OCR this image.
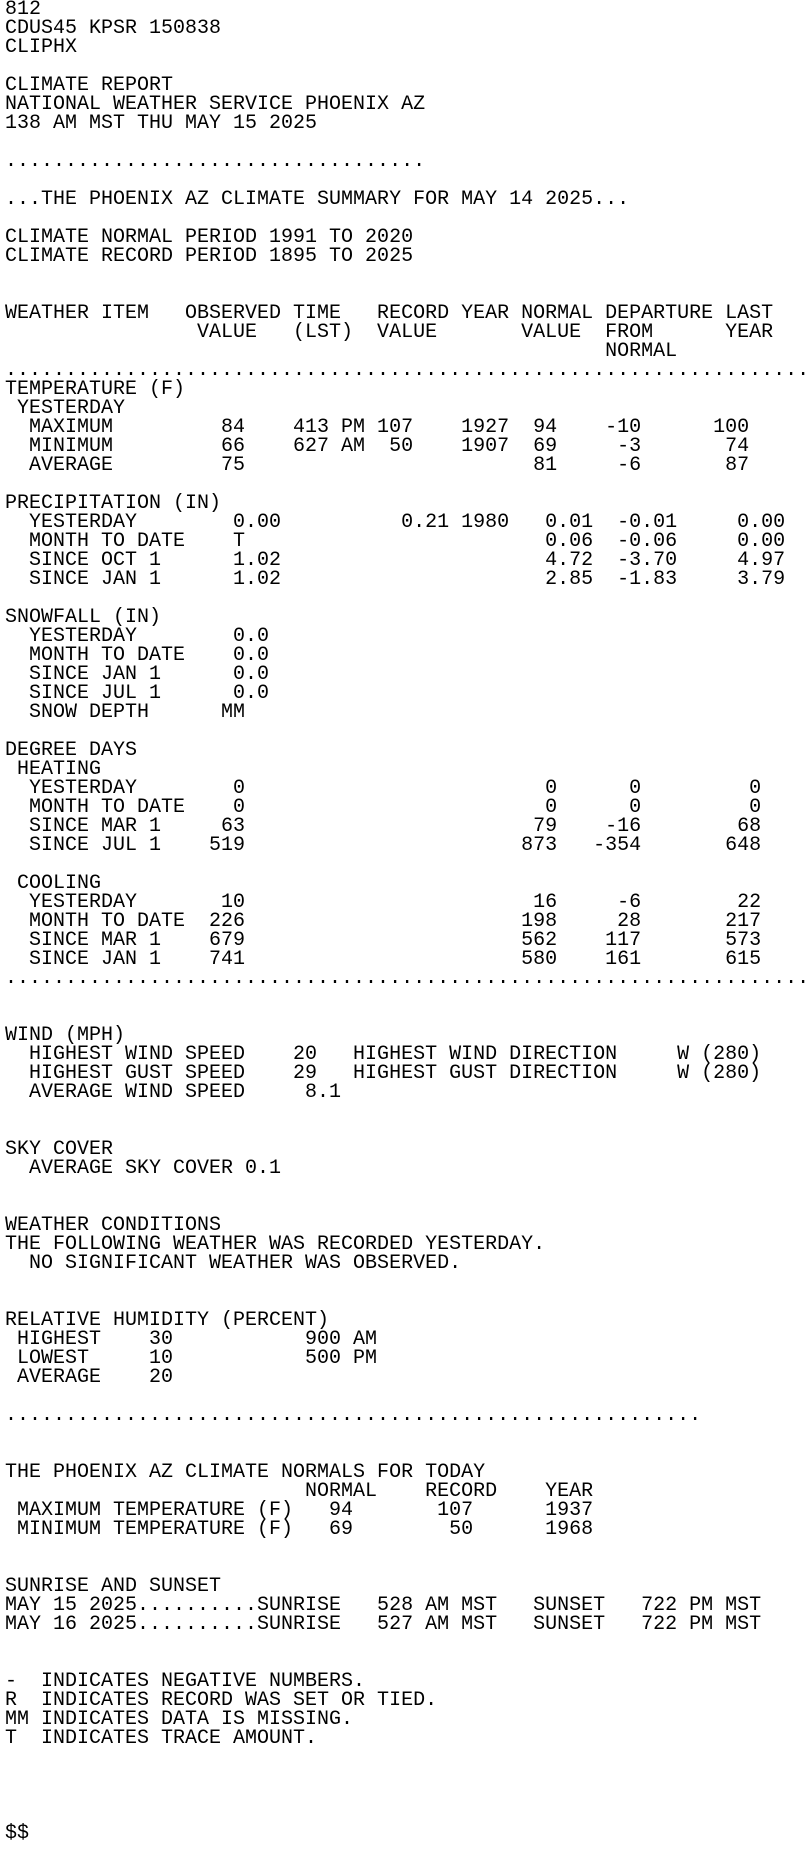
812
CDUS45 KPSR 150838
CLIPHX
CLIMATE REPORT
NATIONAL WEATHER SERVICE PHOENIX AZ
138 AM MST THU MAY 15 2025
...................................
...THE PHOENIX AZ CLIMATE SUMMARY FOR MAY 14 2025...
CLIMATE NORMAL PERIOD 1991 TO 2020
CLIMATE RECORD PERIOD 1895 TO 2025
WEATHER ITEM   OBSERVED TIME   RECORD YEAR NORMAL DEPARTURE LAST
VALUE   (LST)  VALUE       VALUE  FROM      YEAR
NORMAL
...................................................................
TEMPERATURE (F)
YESTERDAY
MAXIMUM         84    413 PM 107    1927  94    -10      100
MINIMUM         66    627 AM  50    1907  69     -3       74
AVERAGE         75                        81     -6       87
PRECIPITATION (IN)
YESTERDAY        0.00          0.21 1980   0.01  -0.01     0.00
MONTH TO DATE    T                         0.06  -0.06     0.00
SINCE OCT 1      1.02                      4.72  -3.70     4.97
SINCE JAN 1      1.02                      2.85  -1.83     3.79
SNOWFALL (IN)
YESTERDAY        0.0
MONTH TO DATE    0.0
SINCE JAN 1      0.0
SINCE JUL 1      0.0
SNOW DEPTH      MM
DEGREE DAYS
HEATING
YESTERDAY        0                         0      0         0
MONTH TO DATE    0                         0      0         0
SINCE MAR 1     63                        79    -16        68
SINCE JUL 1    519                       873   -354       648
COOLING
YESTERDAY       10                        16     -6        22
MONTH TO DATE  226                       198     28       217
SINCE MAR 1    679                       562    117       573
SINCE JAN 1    741                       580    161       615
...................................................................
WIND (MPH)
HIGHEST WIND SPEED    20   HIGHEST WIND DIRECTION     W (280)
HIGHEST GUST SPEED    29   HIGHEST GUST DIRECTION     W (280)
AVERAGE WIND SPEED     8.1
SKY COVER
AVERAGE SKY COVER 0.1
WEATHER CONDITIONS
THE FOLLOWING WEATHER WAS RECORDED YESTERDAY.
NO SIGNIFICANT WEATHER WAS OBSERVED.
RELATIVE HUMIDITY (PERCENT)
HIGHEST    30           900 AM
LOWEST     10           500 PM
AVERAGE    20
..........................................................
THE PHOENIX AZ CLIMATE NORMALS FOR TODAY
NORMAL    RECORD    YEAR
MAXIMUM TEMPERATURE (F)   94       107      1937
MINIMUM TEMPERATURE (F)   69        50      1968
SUNRISE AND SUNSET
MAY 15 2025..........SUNRISE   528 AM MST   SUNSET   722 PM MST
MAY 16 2025..........SUNRISE   527 AM MST   SUNSET   722 PM MST
-  INDICATES NEGATIVE NUMBERS.
R  INDICATES RECORD WAS SET OR TIED.
MM INDICATES DATA IS MISSING.
T  INDICATES TRACE AMOUNT.
$$
